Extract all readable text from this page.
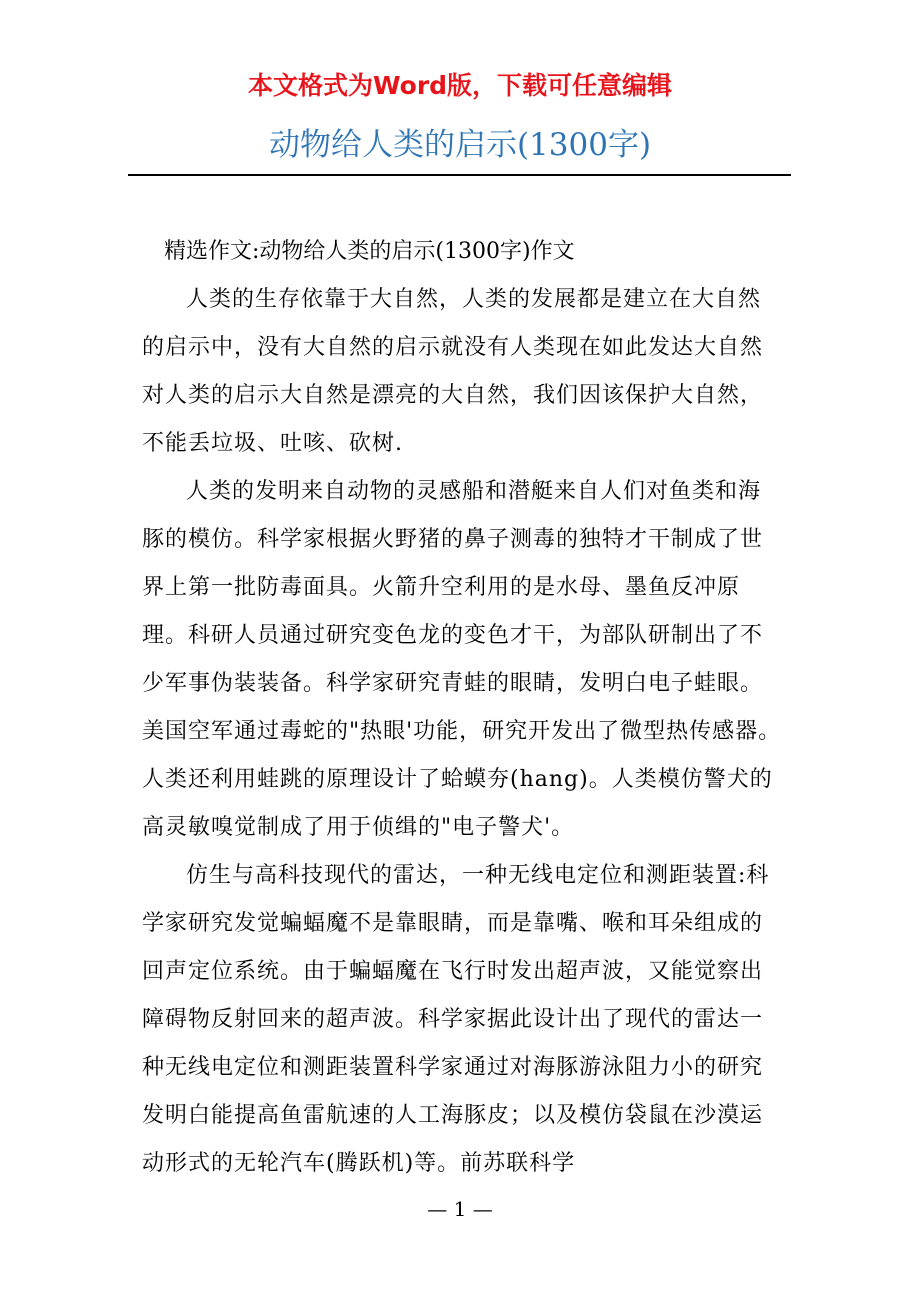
本文格式为Word版，下载可任意编辑
动物给人类的启示(1300字)

精选作文:动物给人类的启示(1300字)作文

人类的生存依靠于大自然，人类的发展都是建立在大自然的启示中，没有大自然的启示就没有人类现在如此发达大自然对人类的启示大自然是漂亮的大自然，我们因该保护大自然，不能丢垃圾、吐咳、砍树.

人类的发明来自动物的灵感船和潜艇来自人们对鱼类和海豚的模仿。科学家根据火野猪的鼻子测毒的独特才干制成了世界上第一批防毒面具。火箭升空利用的是水母、墨鱼反冲原理。科研人员通过研究变色龙的变色才干，为部队研制出了不少军事伪装装备。科学家研究青蛙的眼睛，发明白电子蛙眼。美国空军通过毒蛇的"热眼'功能，研究开发出了微型热传感器。人类还利用蛙跳的原理设计了蛤蟆夯(hang)。人类模仿警犬的高灵敏嗅觉制成了用于侦缉的"电子警犬'。

仿生与高科技现代的雷达，一种无线电定位和测距装置:科学家研究发觉蝙蝠魔不是靠眼睛，而是靠嘴、喉和耳朵组成的回声定位系统。由于蝙蝠魔在飞行时发出超声波，又能觉察出障碍物反射回来的超声波。科学家据此设计出了现代的雷达一种无线电定位和测距装置科学家通过对海豚游泳阻力小的研究发明白能提高鱼雷航速的人工海豚皮；以及模仿袋鼠在沙漠运动形式的无轮汽车(腾跃机)等。前苏联科学

— 1 —
